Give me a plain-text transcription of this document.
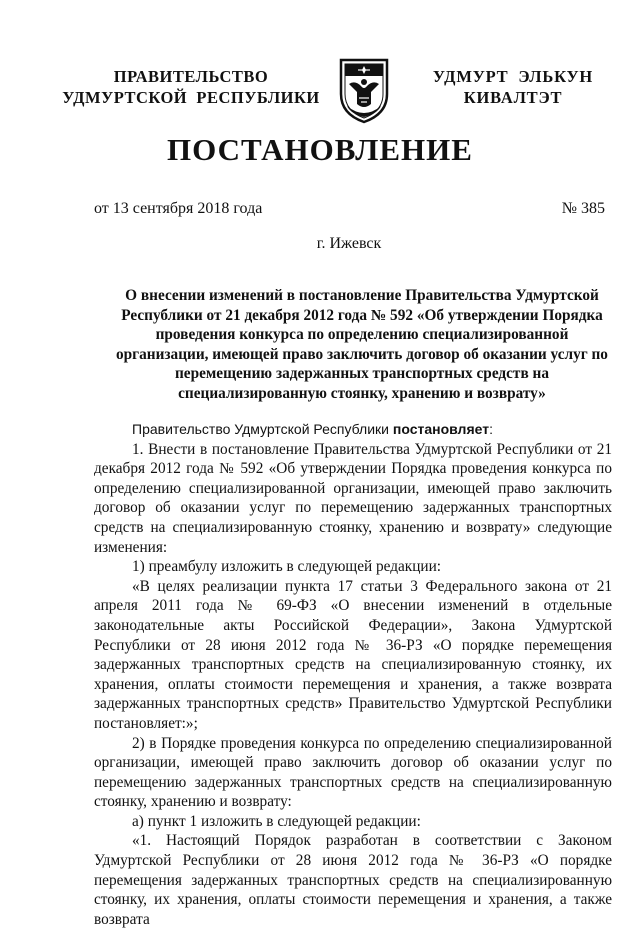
ПРАВИТЕЛЬСТВО
УДМУРТСКОЙ  РЕСПУБЛИКИ
УДМУРТ  ЭЛЬКУН
КИВАЛТЭТ
ПОСТАНОВЛЕНИЕ
от 13 сентября 2018 года	№ 385
г. Ижевск
О внесении изменений в постановление Правительства Удмуртской Республики от 21 декабря 2012 года № 592 «Об утверждении Порядка проведения конкурса по определению специализированной организации, имеющей право заключить договор об оказании услуг по перемещению задержанных транспортных средств на специализированную стоянку, хранению и возврату»

Правительство Удмуртской Республики постановляет:

1. Внести в постановление Правительства Удмуртской Республики от 21 декабря 2012 года № 592 «Об утверждении Порядка проведения конкурса по определению специализированной организации, имеющей право заключить договор об оказании услуг по перемещению задержанных транспортных средств на специализированную стоянку, хранению и возврату» следующие изменения:

1) преамбулу изложить в следующей редакции:

«В целях реализации пункта 17 статьи 3 Федерального закона от 21 апреля 2011 года № 69-ФЗ «О внесении изменений в отдельные законодательные акты Российской Федерации», Закона Удмуртской Республики от 28 июня 2012 года № 36-РЗ «О порядке перемещения задержанных транспортных средств на специализированную стоянку, их хранения, оплаты стоимости перемещения и хранения, а также возврата задержанных транспортных средств» Правительство Удмуртской Республики постановляет:»;

2) в Порядке проведения конкурса по определению специализированной организации, имеющей право заключить договор об оказании услуг по перемещению задержанных транспортных средств на специализированную стоянку, хранению и возврату:

а) пункт 1 изложить в следующей редакции:

«1. Настоящий Порядок разработан в соответствии с Законом Удмуртской Республики от 28 июня 2012 года № 36-РЗ «О порядке перемещения задержанных транспортных средств на специализированную стоянку, их хранения, оплаты стоимости перемещения и хранения, а также возврата
